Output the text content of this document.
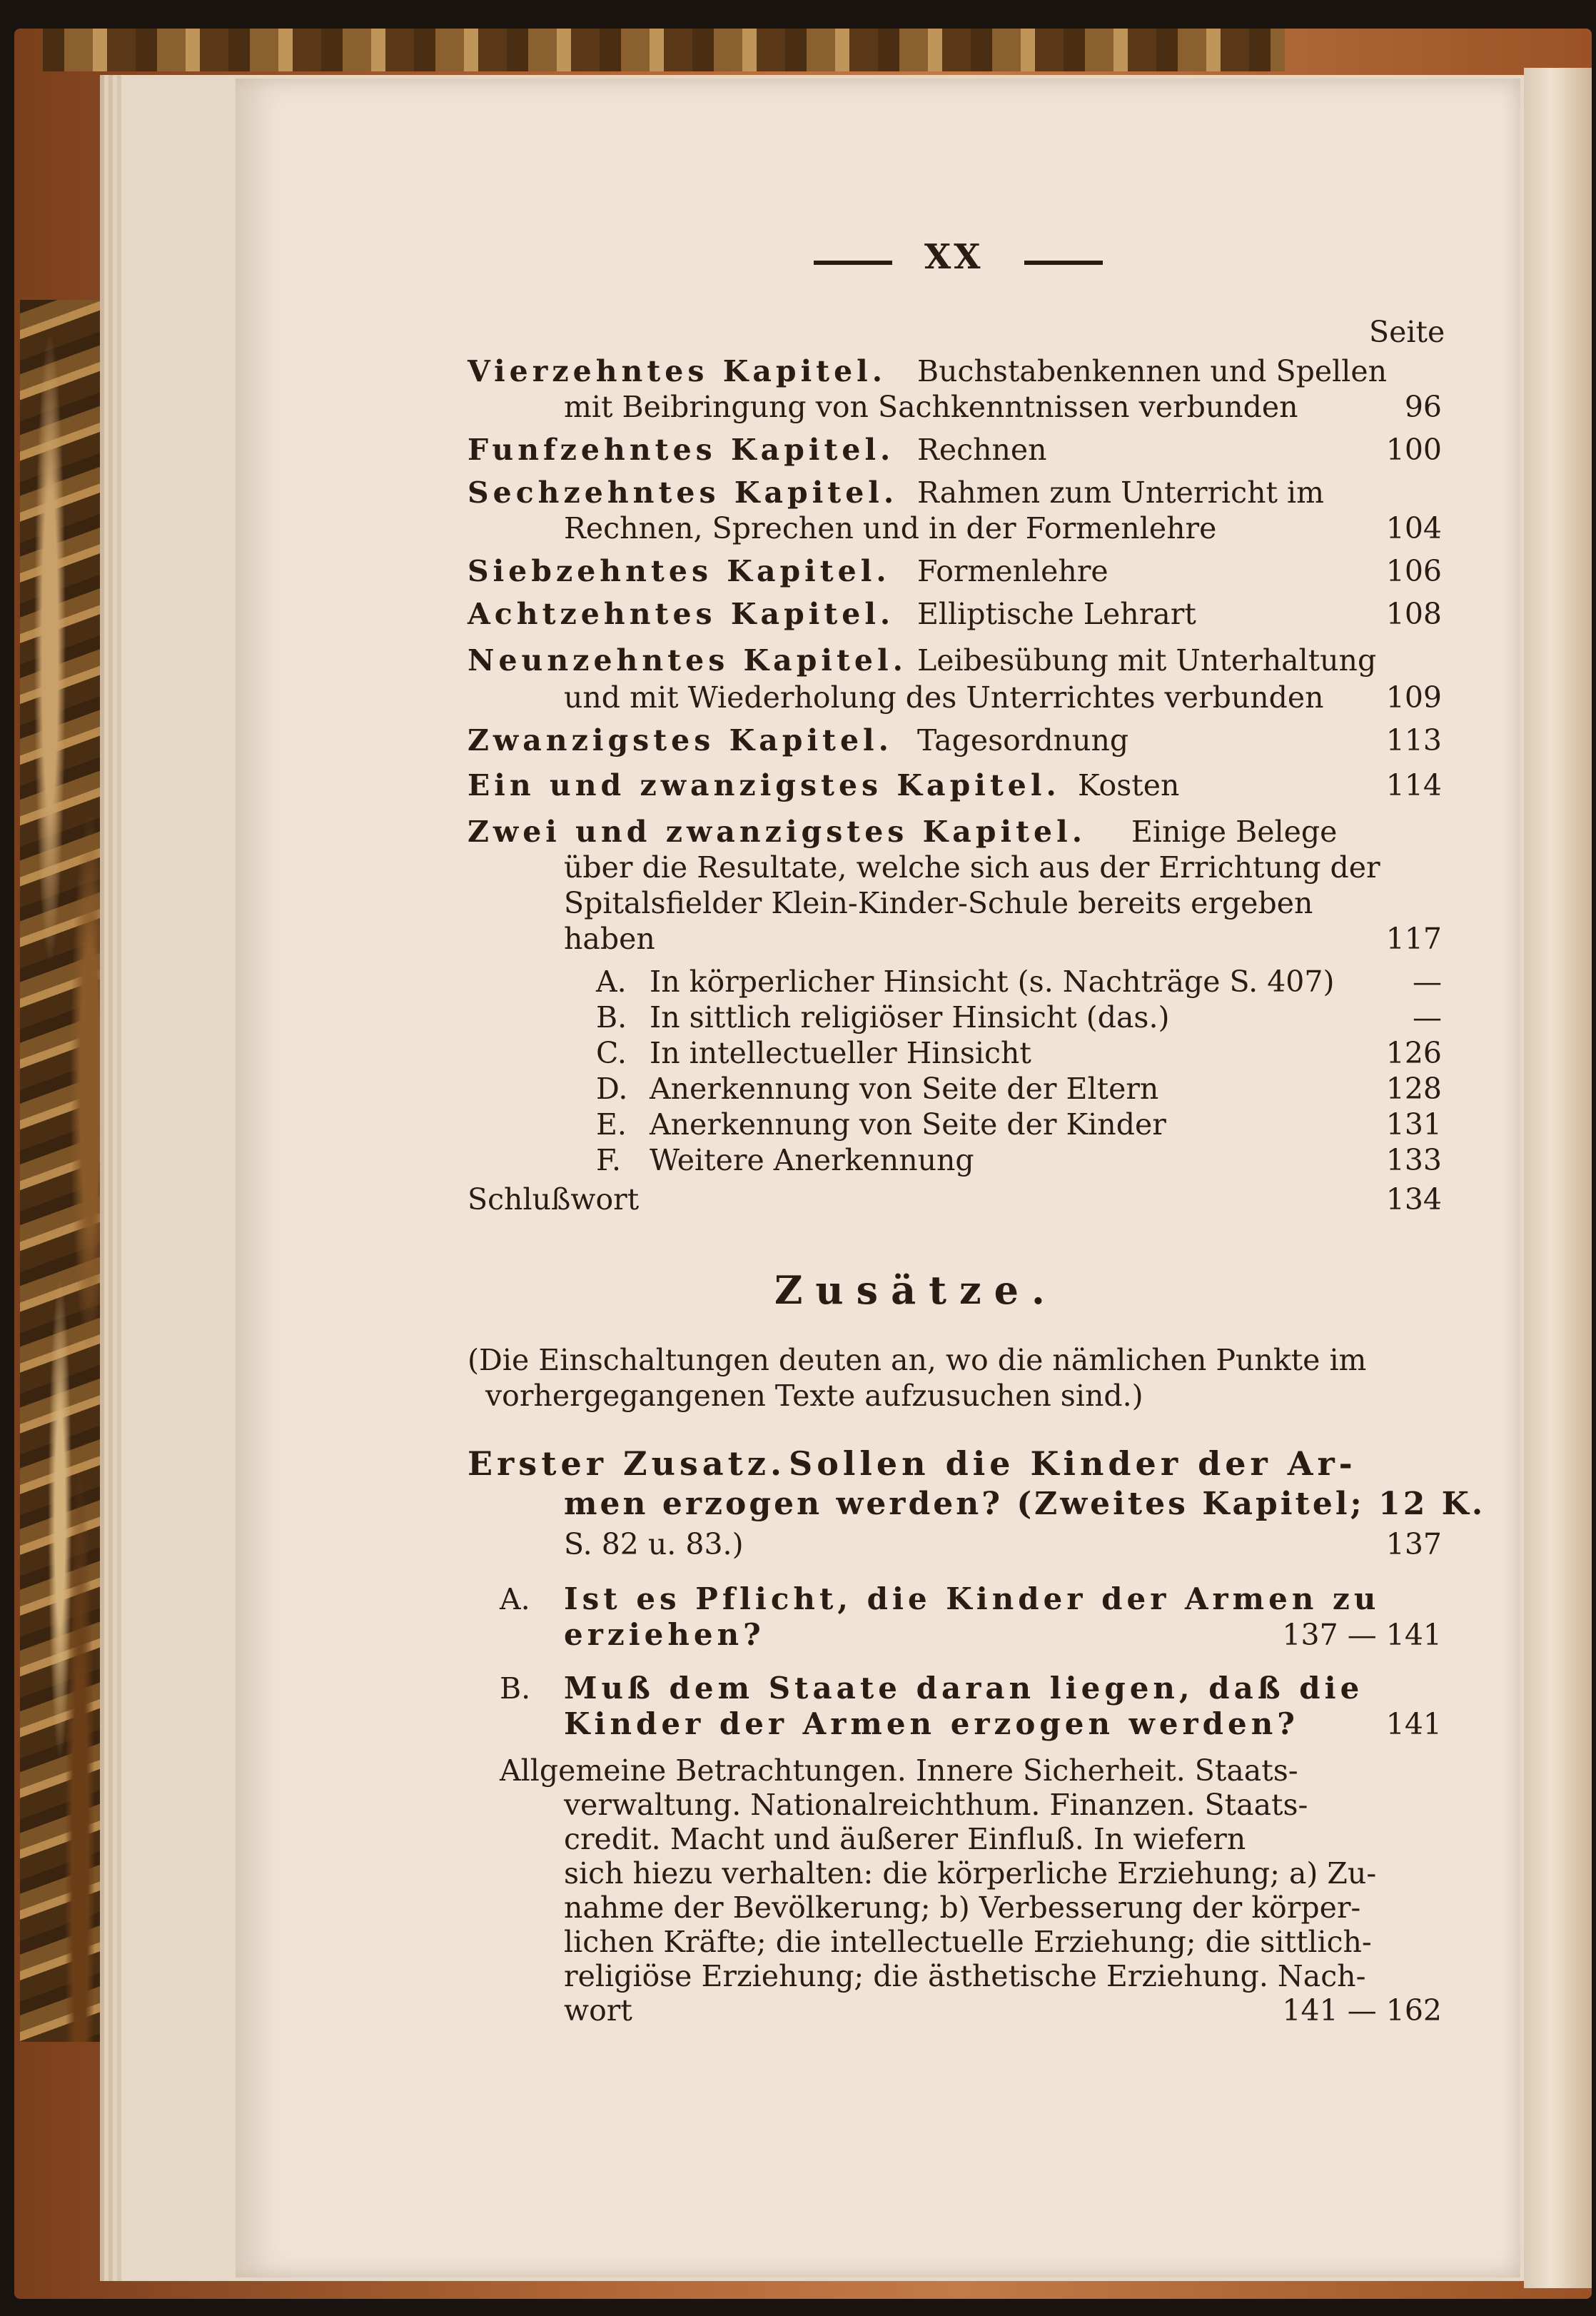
XX
Seite
Vierzehntes Kapitel. Buchstabenkennen und Spellen
mit Beibringung von Sachkenntnissen verbunden	96
Funfzehntes Kapitel. Rechnen	100
Sechzehntes Kapitel. Rahmen zum Unterricht im
Rechnen, Sprechen und in der Formenlehre	104
Siebzehntes Kapitel. Formenlehre	106
Achtzehntes Kapitel. Elliptische Lehrart	108
Neunzehntes Kapitel. Leibesübung mit Unterhaltung
und mit Wiederholung des Unterrichtes verbunden	109
Zwanzigstes Kapitel. Tagesordnung	113
Ein und zwanzigstes Kapitel. Kosten	114
Zwei und zwanzigstes Kapitel. Einige Belege
über die Resultate, welche sich aus der Errichtung der
Spitalsfielder Klein-Kinder-Schule bereits ergeben
haben	117
A. In körperlicher Hinsicht (s. Nachträge S. 407)	—
B. In sittlich religiöser Hinsicht (das.)	—
C. In intellectueller Hinsicht	126
D. Anerkennung von Seite der Eltern	128
E. Anerkennung von Seite der Kinder	131
F. Weitere Anerkennung	133
Schlußwort	134
Zusätze.
(Die Einschaltungen deuten an, wo die nämlichen Punkte im
vorhergegangenen Texte aufzusuchen sind.)
Erster Zusatz. Sollen die Kinder der Ar-
men erzogen werden? (Zweites Kapitel; 12 K.
S. 82 u. 83.)	137
A. Ist es Pflicht, die Kinder der Armen zu
erziehen?	137 — 141
B. Muß dem Staate daran liegen, daß die
Kinder der Armen erzogen werden?	141
Allgemeine Betrachtungen. Innere Sicherheit. Staats-
verwaltung. Nationalreichthum. Finanzen. Staats-
credit. Macht und äußerer Einfluß. In wiefern
sich hiezu verhalten: die körperliche Erziehung; a) Zu-
nahme der Bevölkerung; b) Verbesserung der körper-
lichen Kräfte; die intellectuelle Erziehung; die sittlich-
religiöse Erziehung; die ästhetische Erziehung. Nach-
wort	141 — 162
